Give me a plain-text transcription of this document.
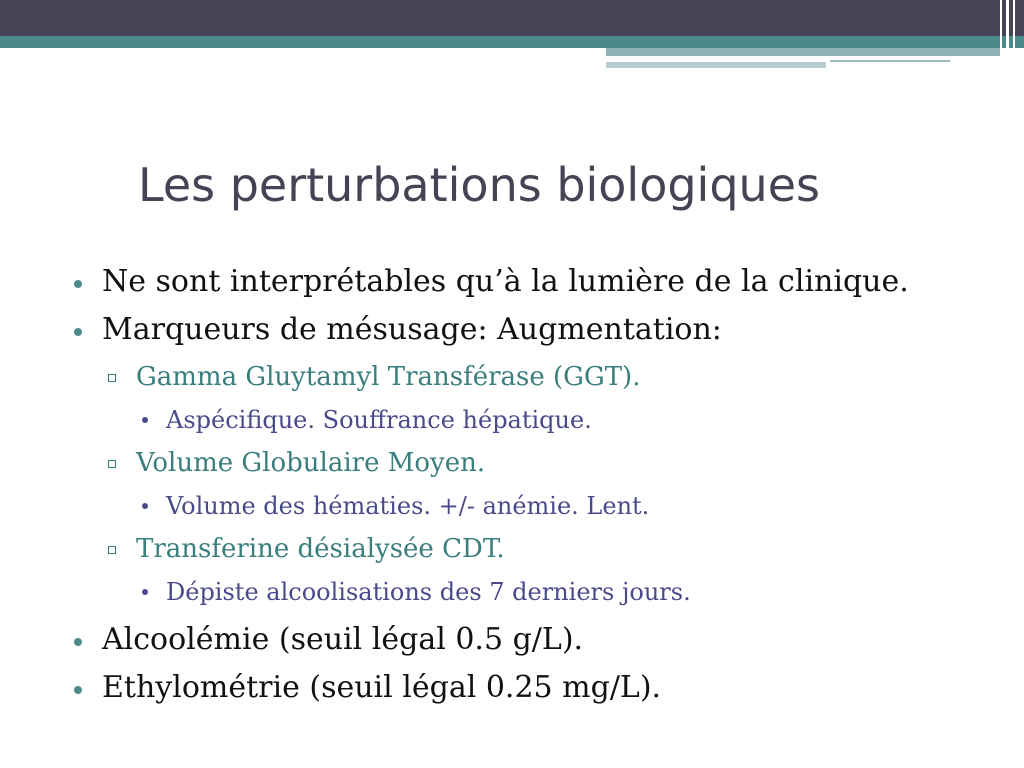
Les perturbations biologiques
Ne sont interprétables qu’à la lumière de la clinique.
Marqueurs de mésusage: Augmentation:
Gamma Gluytamyl Transférase (GGT).
Aspécifique. Souffrance hépatique.
Volume Globulaire Moyen.
Volume des hématies. +/- anémie. Lent.
Transferine désialysée CDT.
Dépiste alcoolisations des 7 derniers jours.
Alcoolémie (seuil légal 0.5 g/L).
Ethylométrie (seuil légal 0.25 mg/L).
